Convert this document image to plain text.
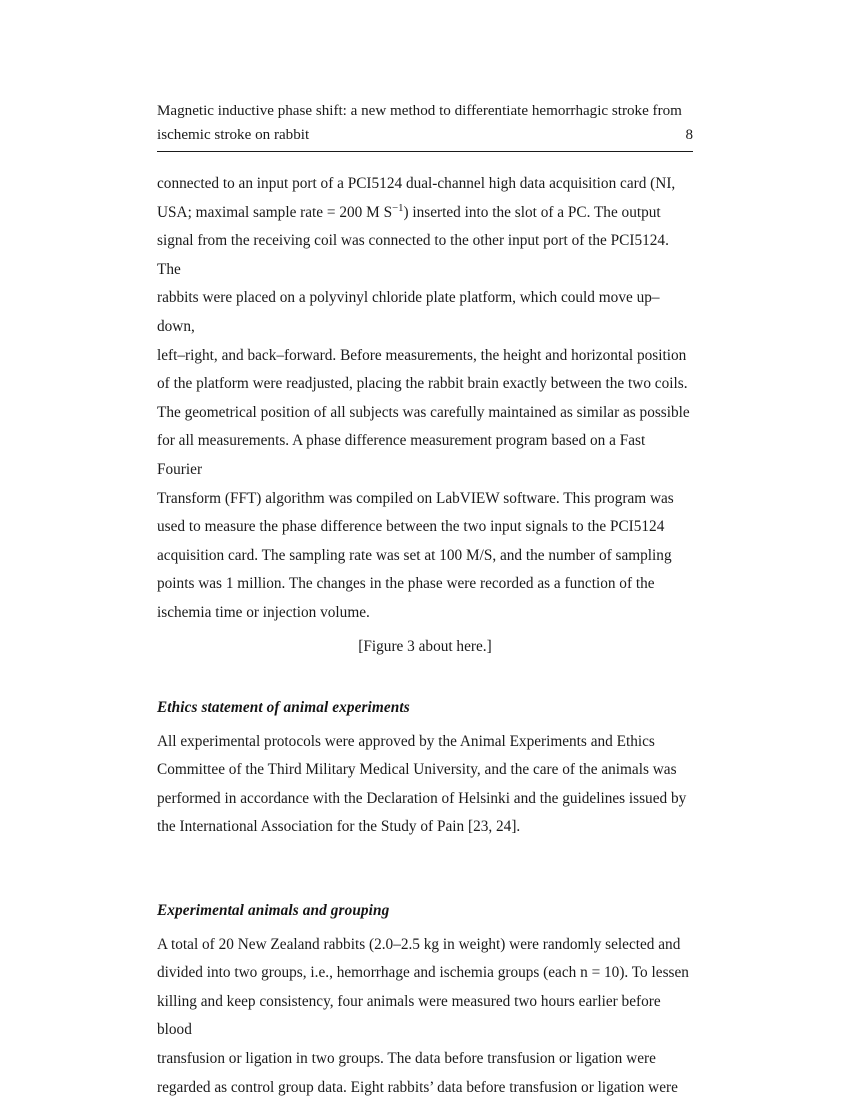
Magnetic inductive phase shift: a new method to differentiate hemorrhagic stroke from
ischemic stroke on rabbit	8

connected to an input port of a PCI5124 dual-channel high data acquisition card (NI,
USA; maximal sample rate = 200 M $S^{-1}$) inserted into the slot of a PC. The output
signal from the receiving coil was connected to the other input port of the PCI5124. The
rabbits were placed on a polyvinyl chloride plate platform, which could move up–down,
left–right, and back–forward. Before measurements, the height and horizontal position
of the platform were readjusted, placing the rabbit brain exactly between the two coils.
The geometrical position of all subjects was carefully maintained as similar as possible
for all measurements. A phase difference measurement program based on a Fast Fourier
Transform (FFT) algorithm was compiled on LabVIEW software. This program was
used to measure the phase difference between the two input signals to the PCI5124
acquisition card. The sampling rate was set at 100 M/S, and the number of sampling
points was 1 million. The changes in the phase were recorded as a function of the
ischemia time or injection volume.

[Figure 3 about here.]

Ethics statement of animal experiments

All experimental protocols were approved by the Animal Experiments and Ethics
Committee of the Third Military Medical University, and the care of the animals was
performed in accordance with the Declaration of Helsinki and the guidelines issued by
the International Association for the Study of Pain [23, 24].

Experimental animals and grouping

A total of 20 New Zealand rabbits (2.0–2.5 kg in weight) were randomly selected and
divided into two groups, i.e., hemorrhage and ischemia groups (each n = 10). To lessen
killing and keep consistency, four animals were measured two hours earlier before blood
transfusion or ligation in two groups. The data before transfusion or ligation were
regarded as control group data. Eight rabbits’ data before transfusion or ligation were
